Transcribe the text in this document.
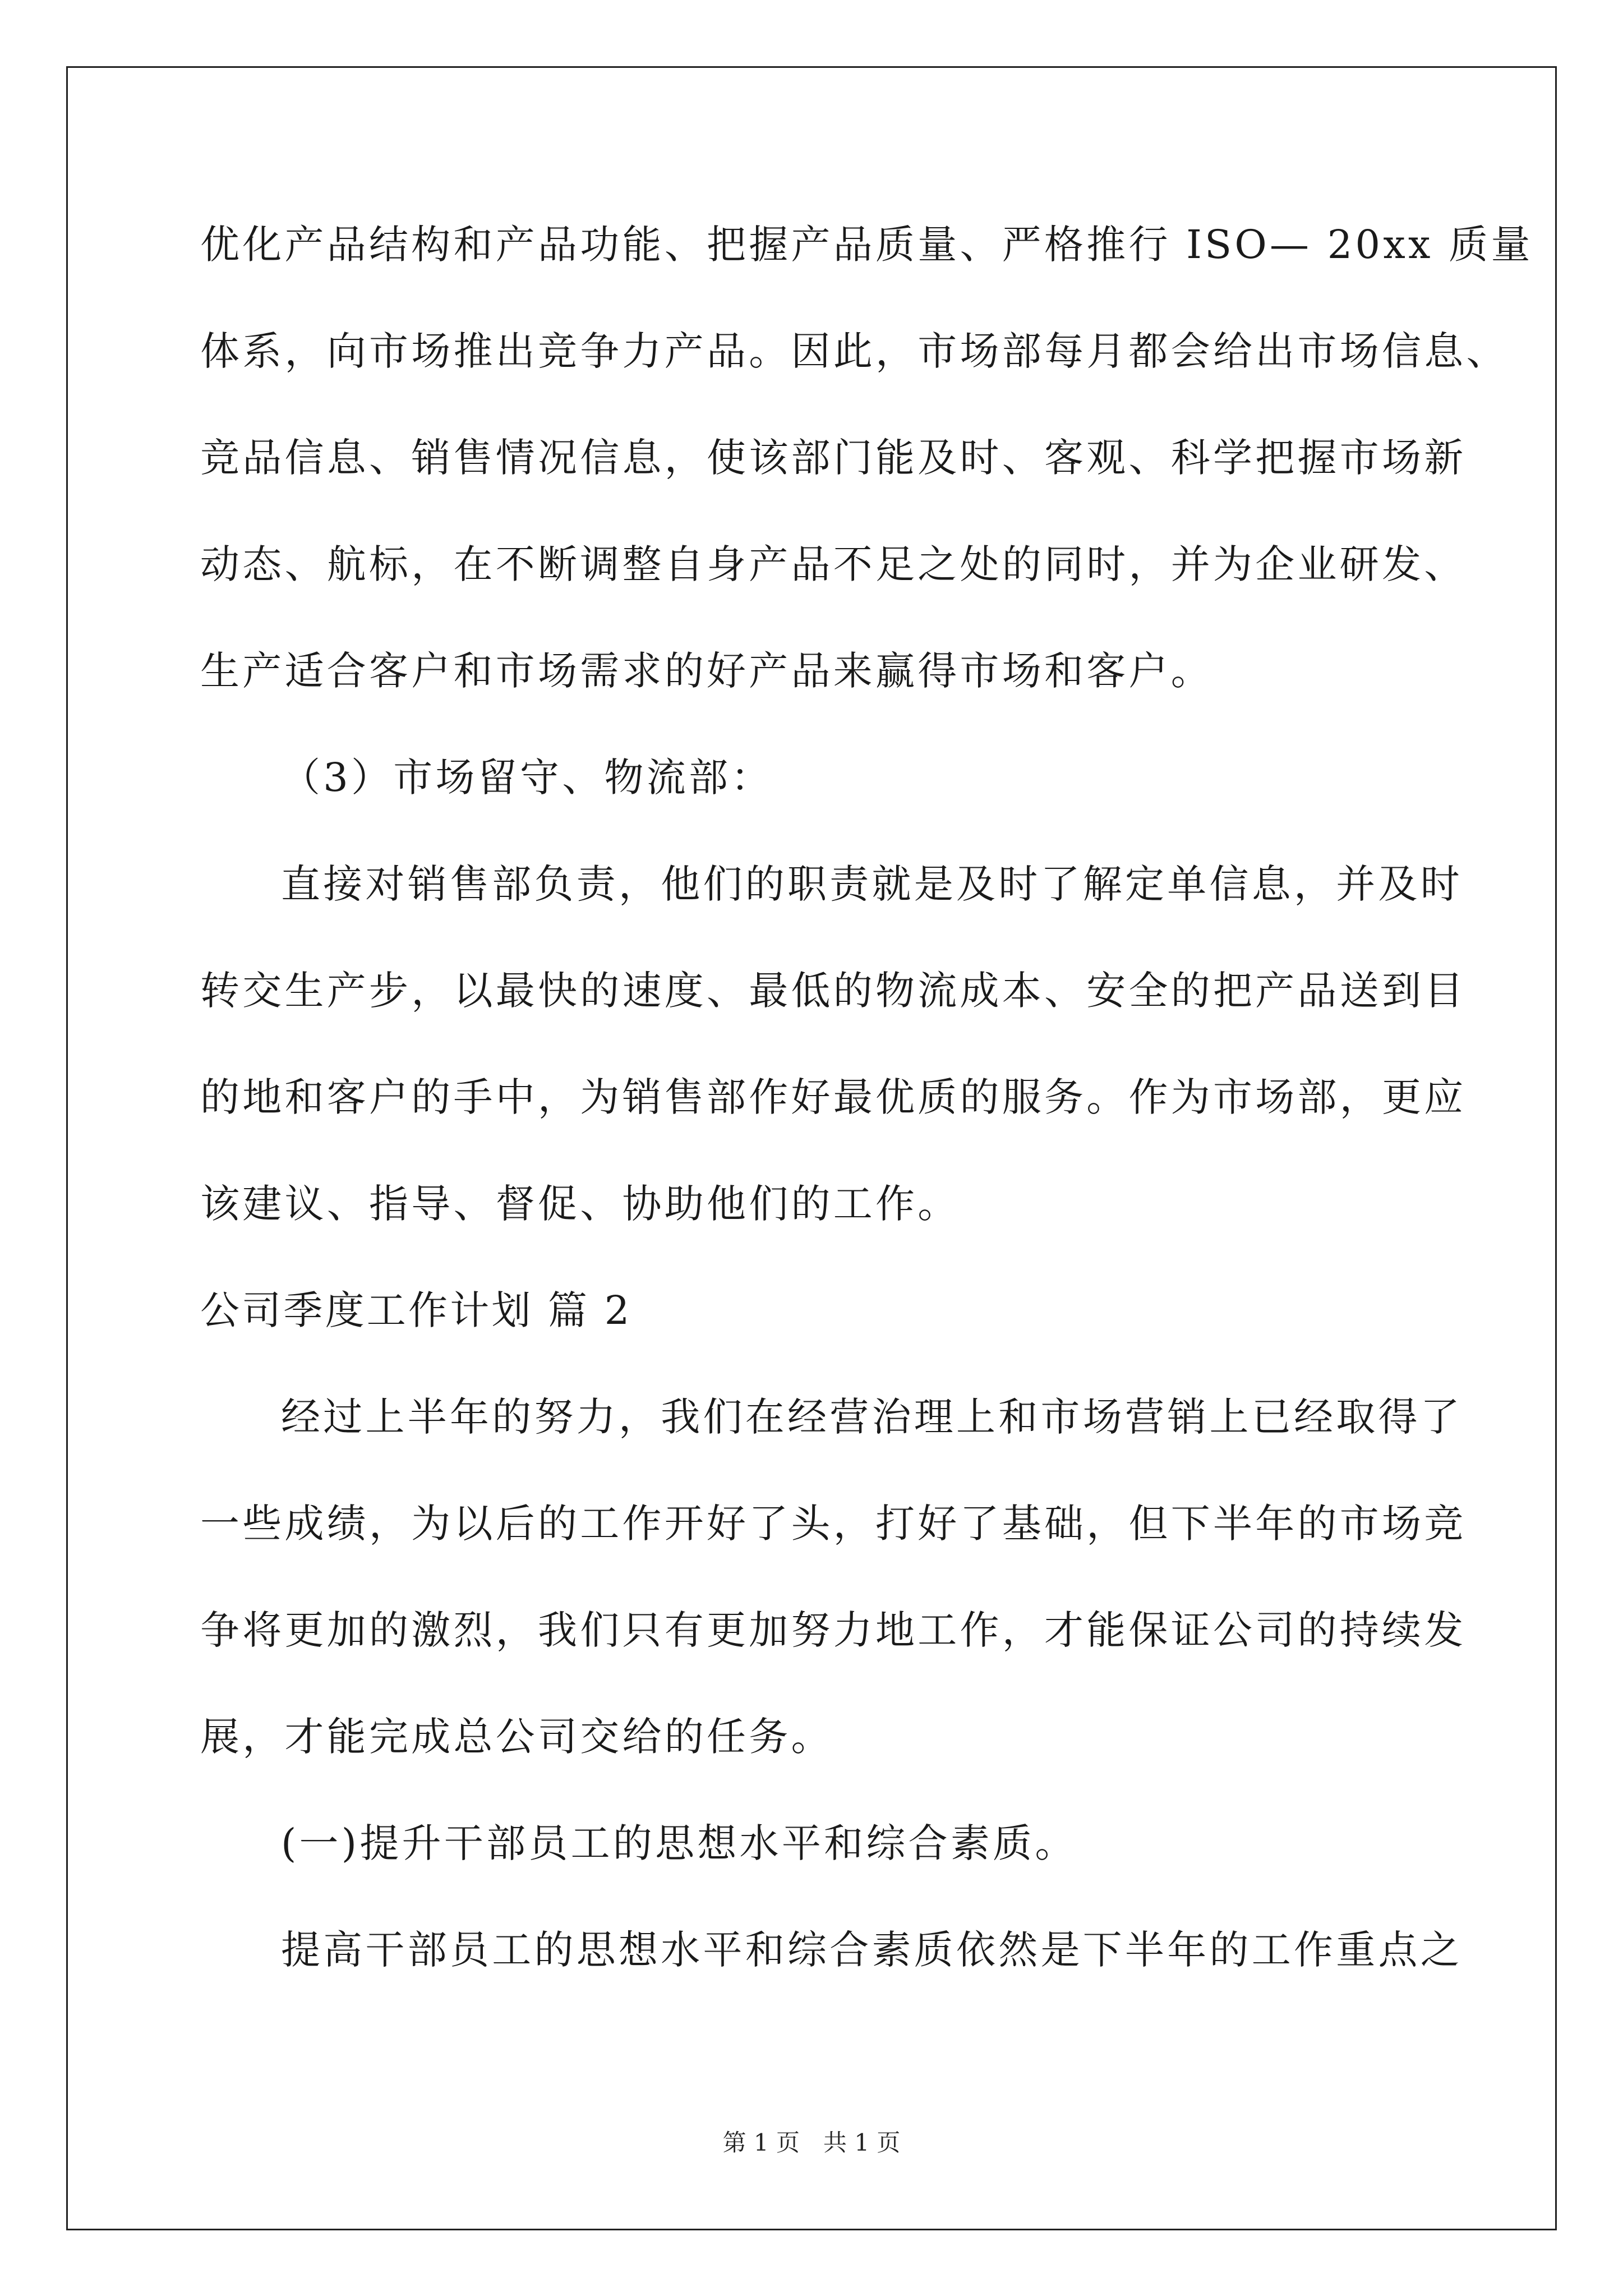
优化产品结构和产品功能、把握产品质量、严格推行 ISO— 20xx 质量
体系，向市场推出竞争力产品。因此，市场部每月都会给出市场信息、
竞品信息、销售情况信息，使该部门能及时、客观、科学把握市场新
动态、航标，在不断调整自身产品不足之处的同时，并为企业研发、
生产适合客户和市场需求的好产品来赢得市场和客户。
（3）市场留守、物流部：
直接对销售部负责，他们的职责就是及时了解定单信息，并及时
转交生产步，以最快的速度、最低的物流成本、安全的把产品送到目
的地和客户的手中，为销售部作好最优质的服务。作为市场部，更应
该建议、指导、督促、协助他们的工作。
公司季度工作计划 篇 2
经过上半年的努力，我们在经营治理上和市场营销上已经取得了
一些成绩，为以后的工作开好了头，打好了基础，但下半年的市场竞
争将更加的激烈，我们只有更加努力地工作，才能保证公司的持续发
展，才能完成总公司交给的任务。
(一)提升干部员工的思想水平和综合素质。
提高干部员工的思想水平和综合素质依然是下半年的工作重点之
第 1 页　共 1 页
